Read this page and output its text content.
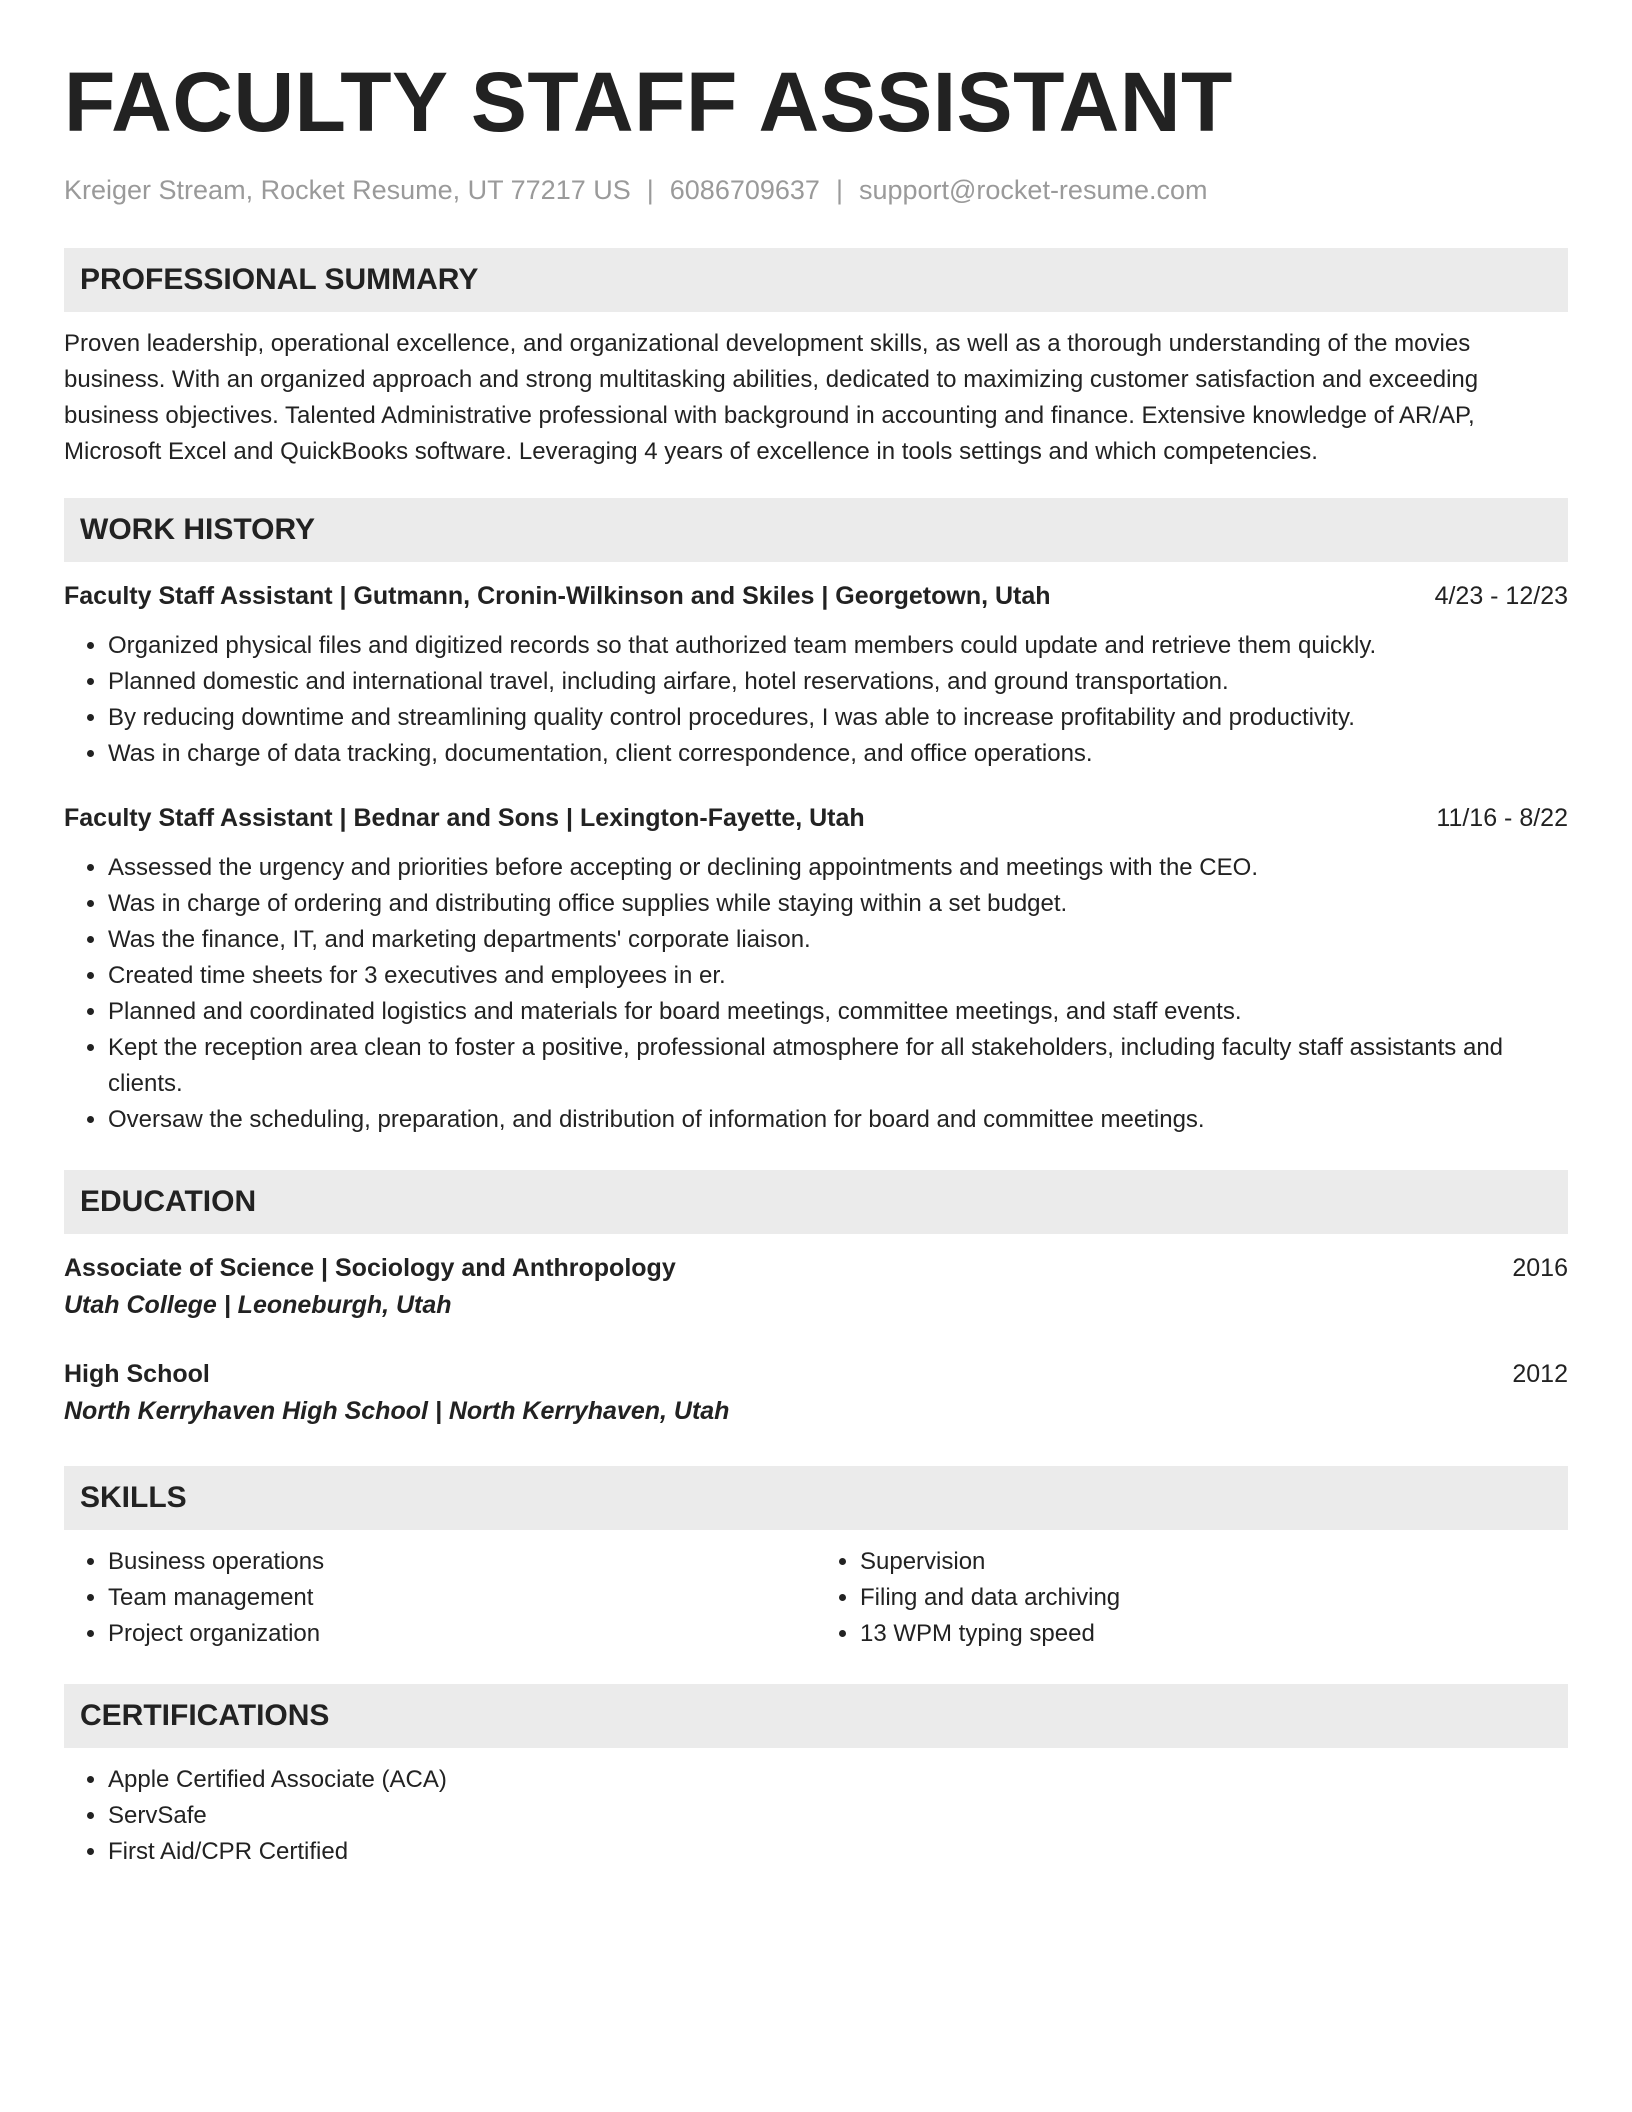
FACULTY STAFF ASSISTANT
Kreiger Stream, Rocket Resume, UT 77217 US | 6086709637 | support@rocket-resume.com
PROFESSIONAL SUMMARY

Proven leadership, operational excellence, and organizational development skills, as well as a thorough understanding of the movies business. With an organized approach and strong multitasking abilities, dedicated to maximizing customer satisfaction and exceeding business objectives. Talented Administrative professional with background in accounting and finance. Extensive knowledge of AR/AP, Microsoft Excel and QuickBooks software. Leveraging 4 years of excellence in tools settings and which competencies.

WORK HISTORY
Faculty Staff Assistant | Gutmann, Cronin-Wilkinson and Skiles | Georgetown, Utah	4/23 - 12/23
• Organized physical files and digitized records so that authorized team members could update and retrieve them quickly.
• Planned domestic and international travel, including airfare, hotel reservations, and ground transportation.
• By reducing downtime and streamlining quality control procedures, I was able to increase profitability and productivity.
• Was in charge of data tracking, documentation, client correspondence, and office operations.
Faculty Staff Assistant | Bednar and Sons | Lexington-Fayette, Utah	11/16 - 8/22
• Assessed the urgency and priorities before accepting or declining appointments and meetings with the CEO.
• Was in charge of ordering and distributing office supplies while staying within a set budget.
• Was the finance, IT, and marketing departments' corporate liaison.
• Created time sheets for 3 executives and employees in er.
• Planned and coordinated logistics and materials for board meetings, committee meetings, and staff events.
• Kept the reception area clean to foster a positive, professional atmosphere for all stakeholders, including faculty staff assistants and clients.
• Oversaw the scheduling, preparation, and distribution of information for board and committee meetings.
EDUCATION
Associate of Science | Sociology and Anthropology	2016
Utah College | Leoneburgh, Utah
High School	2012
North Kerryhaven High School | North Kerryhaven, Utah
SKILLS
• Business operations
• Team management
• Project organization
• Supervision
• Filing and data archiving
• 13 WPM typing speed
CERTIFICATIONS
• Apple Certified Associate (ACA)
• ServSafe
• First Aid/CPR Certified
